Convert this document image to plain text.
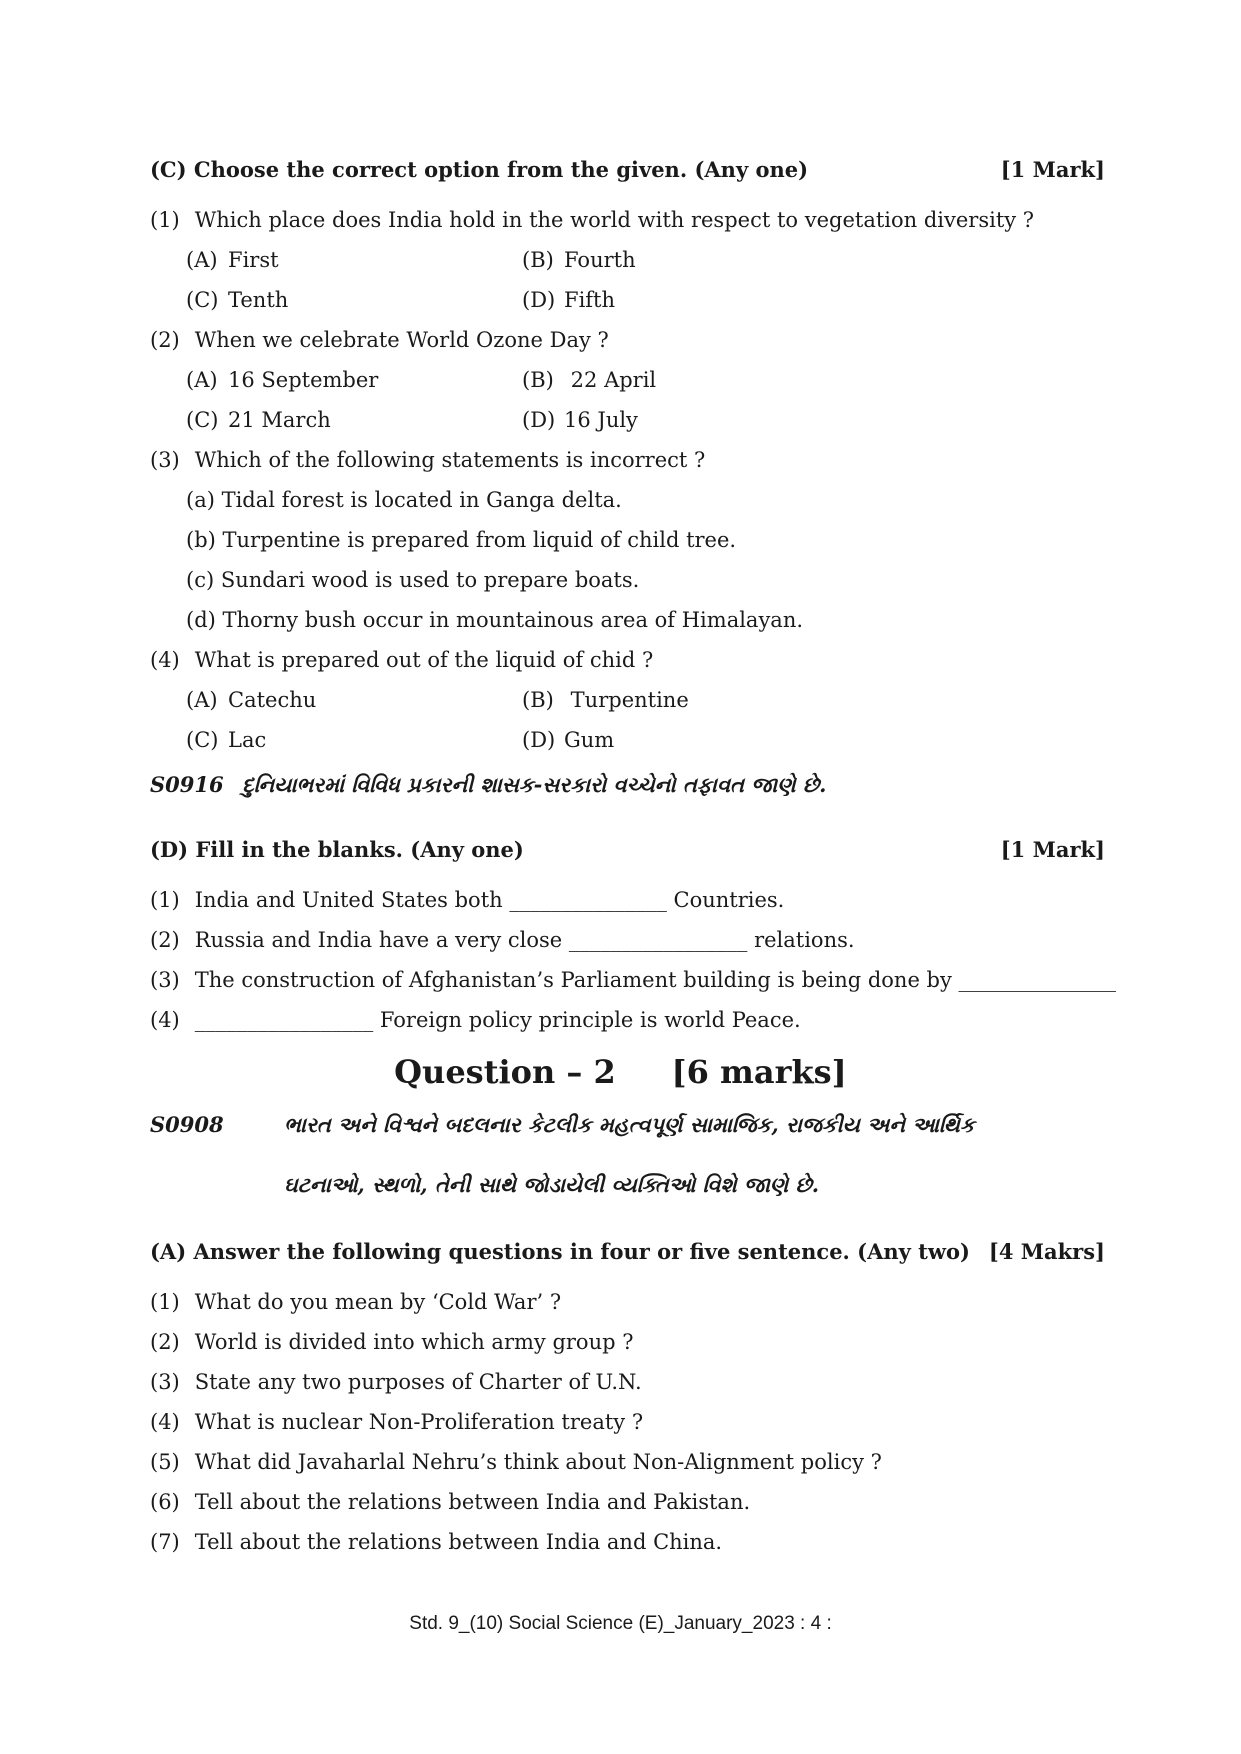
(C) Choose the correct option from the given. (Any one)	[1 Mark]
(1) Which place does India hold in the world with respect to vegetation diversity ?
(A) First	(B) Fourth
(C) Tenth	(D) Fifth
(2) When we celebrate World Ozone Day ?
(A) 16 September	(B) 22 April
(C) 21 March	(D) 16 July
(3) Which of the following statements is incorrect ?
(a) Tidal forest is located in Ganga delta.
(b) Turpentine is prepared from liquid of child tree.
(c) Sundari wood is used to prepare boats.
(d) Thorny bush occur in mountainous area of Himalayan.
(4) What is prepared out of the liquid of chid ?
(A) Catechu	(B) Turpentine
(C) Lac	(D) Gum
S0916 દુનિયાભરમાં વિવિધ પ્રકારની શાસક-સરકારો વચ્ચેનો તફાવત જાણે છે.
(D) Fill in the blanks. (Any one)	[1 Mark]
(1) India and United States both _______________ Countries.
(2) Russia and India have a very close _________________ relations.
(3) The construction of Afghanistan’s Parliament building is being done by _______________
(4) _________________ Foreign policy principle is world Peace.
Question – 2 [6 marks]
S0908	ભારત અને વિશ્વને બદલનાર કેટલીક મહત્વપૂર્ણ સામાજિક, રાજકીય અને આર્થિક
ઘટનાઓ, સ્થળો, તેની સાથે જોડાયેલી વ્યક્તિઓ વિશે જાણે છે.
(A) Answer the following questions in four or five sentence. (Any two) [4 Makrs]
(1) What do you mean by ‘Cold War’ ?
(2) World is divided into which army group ?
(3) State any two purposes of Charter of U.N.
(4) What is nuclear Non-Proliferation treaty ?
(5) What did Javaharlal Nehru’s think about Non-Alignment policy ?
(6) Tell about the relations between India and Pakistan.
(7) Tell about the relations between India and China.
Std. 9_(10) Social Science (E)_January_2023 : 4 :
